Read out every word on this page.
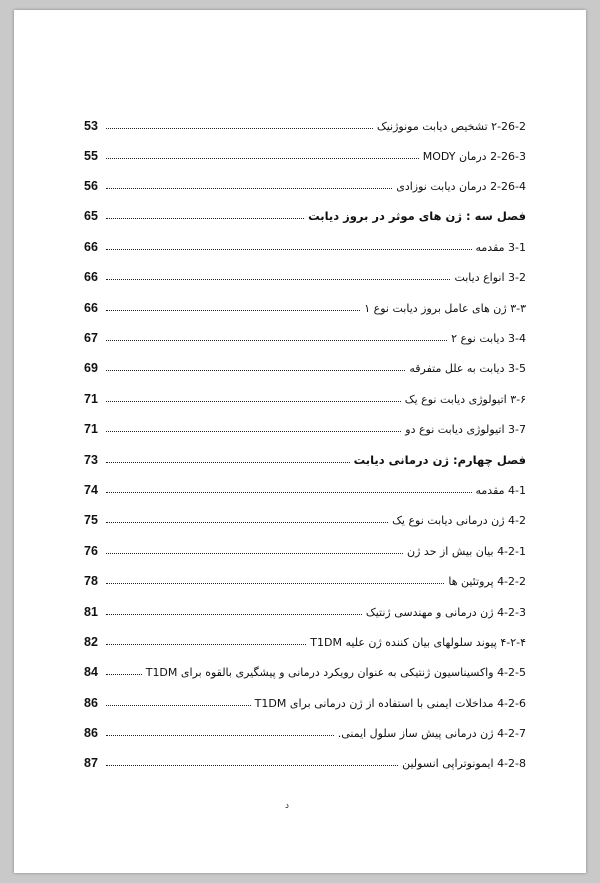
۲-26-2 تشخیص دیابت مونوژنیک
53
2-26-3 درمان MODY
55
2-26-4 درمان دیابت نوزادی
56
فصل سه : ژن های موثر در بروز دیابت
65
3-1 مقدمه
66
3-2 انواع دیابت
66
۳-۳ ژن های عامل بروز دیابت نوع ۱
66
3-4 دیابت نوع ۲
67
3-5 دیابت به علل متفرقه
69
۳-۶ اتیولوژی دیابت نوع یک
71
3-7 اتیولوژی دیابت نوع دو
71
فصل چهارم: ژن درمانی دیابت
73
4-1 مقدمه
74
4-2 ژن درمانی دیابت نوع یک
75
4-2-1 بیان بیش از حد ژن
76
4-2-2 پروتئین ها
78
4-2-3 ژن درمانی و مهندسی ژنتیک
81
۴-۲-۴ پیوند سلولهای بیان کننده ژن علیه T1DM
82
4-2-5 واکسیناسیون ژنتیکی به عنوان رویکرد درمانی و پیشگیری بالقوه برای T1DM
84
4-2-6 مداخلات ایمنی با استفاده از ژن درمانی برای T1DM
86
4-2-7 ژن درمانی پیش ساز سلول ایمنی.
86
4-2-8 ایمونوتراپی انسولین
87
د
